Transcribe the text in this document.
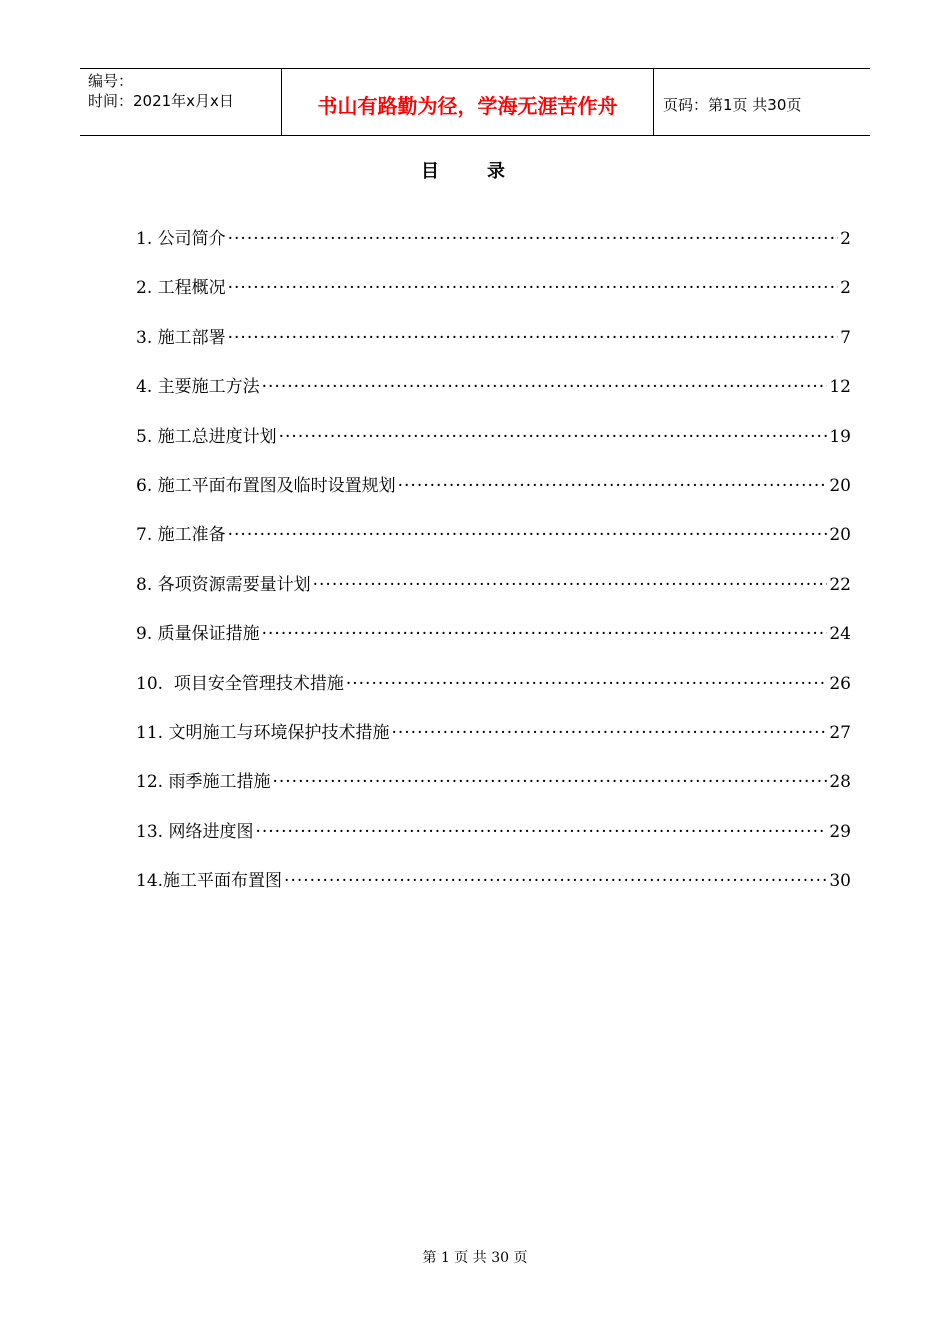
编号：
时间：2021年x月x日	书山有路勤为径，学海无涯苦作舟	页码：第1页 共30页
目录
1. 公司简介 ·····	2
2. 工程概况 ·····	2
3. 施工部署 ·····	7
4. 主要施工方法 ·····	12
5. 施工总进度计划 ·····	19
6. 施工平面布置图及临时设置规划 ·····	20
7. 施工准备 ·····	20
8. 各项资源需要量计划 ·····	22
9. 质量保证措施 ·····	24
10.  项目安全管理技术措施 ·····	26
11. 文明施工与环境保护技术措施 ·····	27
12. 雨季施工措施 ·····	28
13. 网络进度图 ·····	29
14.施工平面布置图 ·····	30
第 1 页 共 30 页
